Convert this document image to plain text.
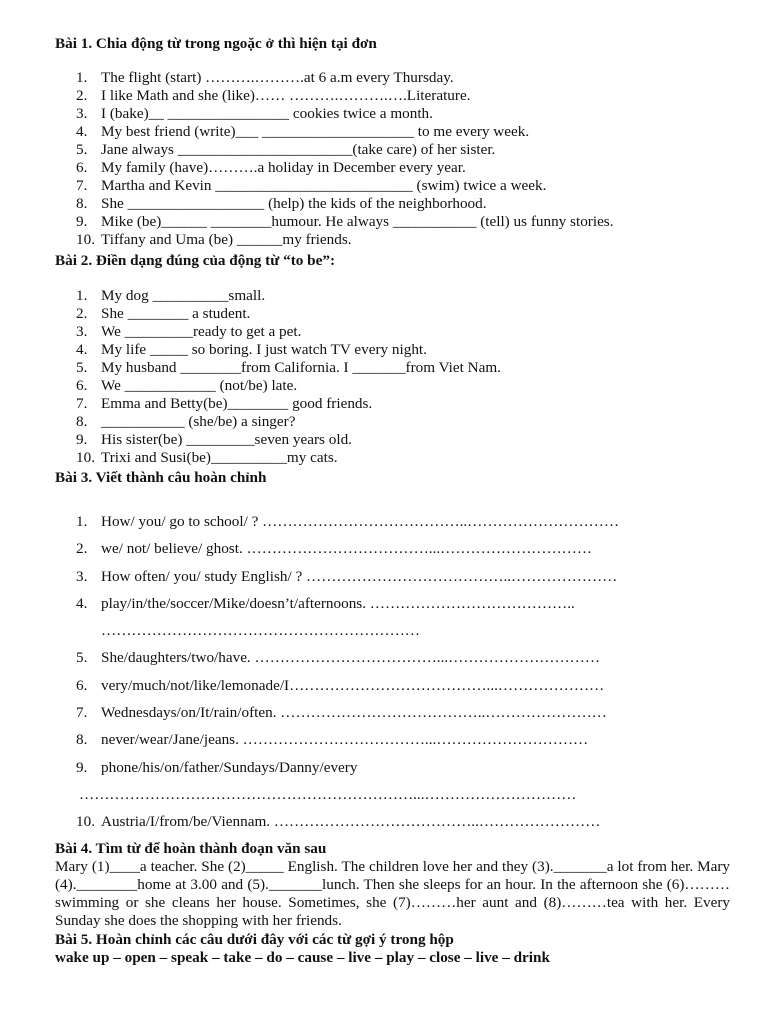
Bài 1. Chia động từ trong ngoặc ở thì hiện tại đơn
1. The flight (start) ……….……….at 6 a.m every Thursday.
2. I like Math and she (like)…… ……….……….….Literature.
3. I (bake)__ ________________ cookies twice a month.
4. My best friend (write)___ ____________________ to me every week.
5. Jane always _______________________(take care) of her sister.
6. My family (have)……….a holiday in December every year.
7. Martha and Kevin __________________________ (swim) twice a week.
8. She __________________ (help) the kids of the neighborhood.
9. Mike (be)______ ________humour. He always ___________ (tell) us funny stories.
10. Tiffany and Uma (be) ______my friends.
Bài 2. Điền dạng đúng của động từ “to be”:
1. My dog __________small.
2. She ________ a student.
3. We _________ready to get a pet.
4. My life _____ so boring. I just watch TV every night.
5. My husband ________from California. I _______from Viet Nam.
6. We ____________ (not/be) late.
7. Emma and Betty(be)________ good friends.
8. ___________ (she/be) a singer?
9. His sister(be) _________seven years old.
10. Trixi and Susi(be)__________my cats.
Bài 3. Viết thành câu hoàn chỉnh
1. How/ you/ go to school/ ? …………………………………..…………………………
2. we/ not/ believe/ ghost. ………………………………...…………………………
3. How often/ you/ study English/ ? …………………………………..…………………
4. play/in/the/soccer/Mike/doesn’t/afternoons. …………………………………..
………………………………………………………
5. She/daughters/two/have. ………………………………...…………………………
6. very/much/not/like/lemonade/I…………………………………...…………………
7. Wednesdays/on/It/rain/often. …………………………………..……………………
8. never/wear/Jane/jeans. ………………………………...…………………………
9. phone/his/on/father/Sundays/Danny/every
…………………………………………………………...…………………………
10. Austria/I/from/be/Viennam. …………………………………..……………………
Bài 4. Tìm từ để hoàn thành đoạn văn sau

Mary (1)____a teacher. She (2)_____ English. The children love her and they (3)._______a lot from her. Mary (4).________home at 3.00 and (5)._______lunch. Then she sleeps for an hour. In the afternoon she (6)………swimming or she cleans her house. Sometimes, she (7)………her aunt and (8)………tea with her. Every Sunday she does the shopping with her friends.

Bài 5. Hoàn chỉnh các câu dưới đây với các từ gợi ý trong hộp
wake up – open – speak – take – do – cause – live – play – close – live – drink
